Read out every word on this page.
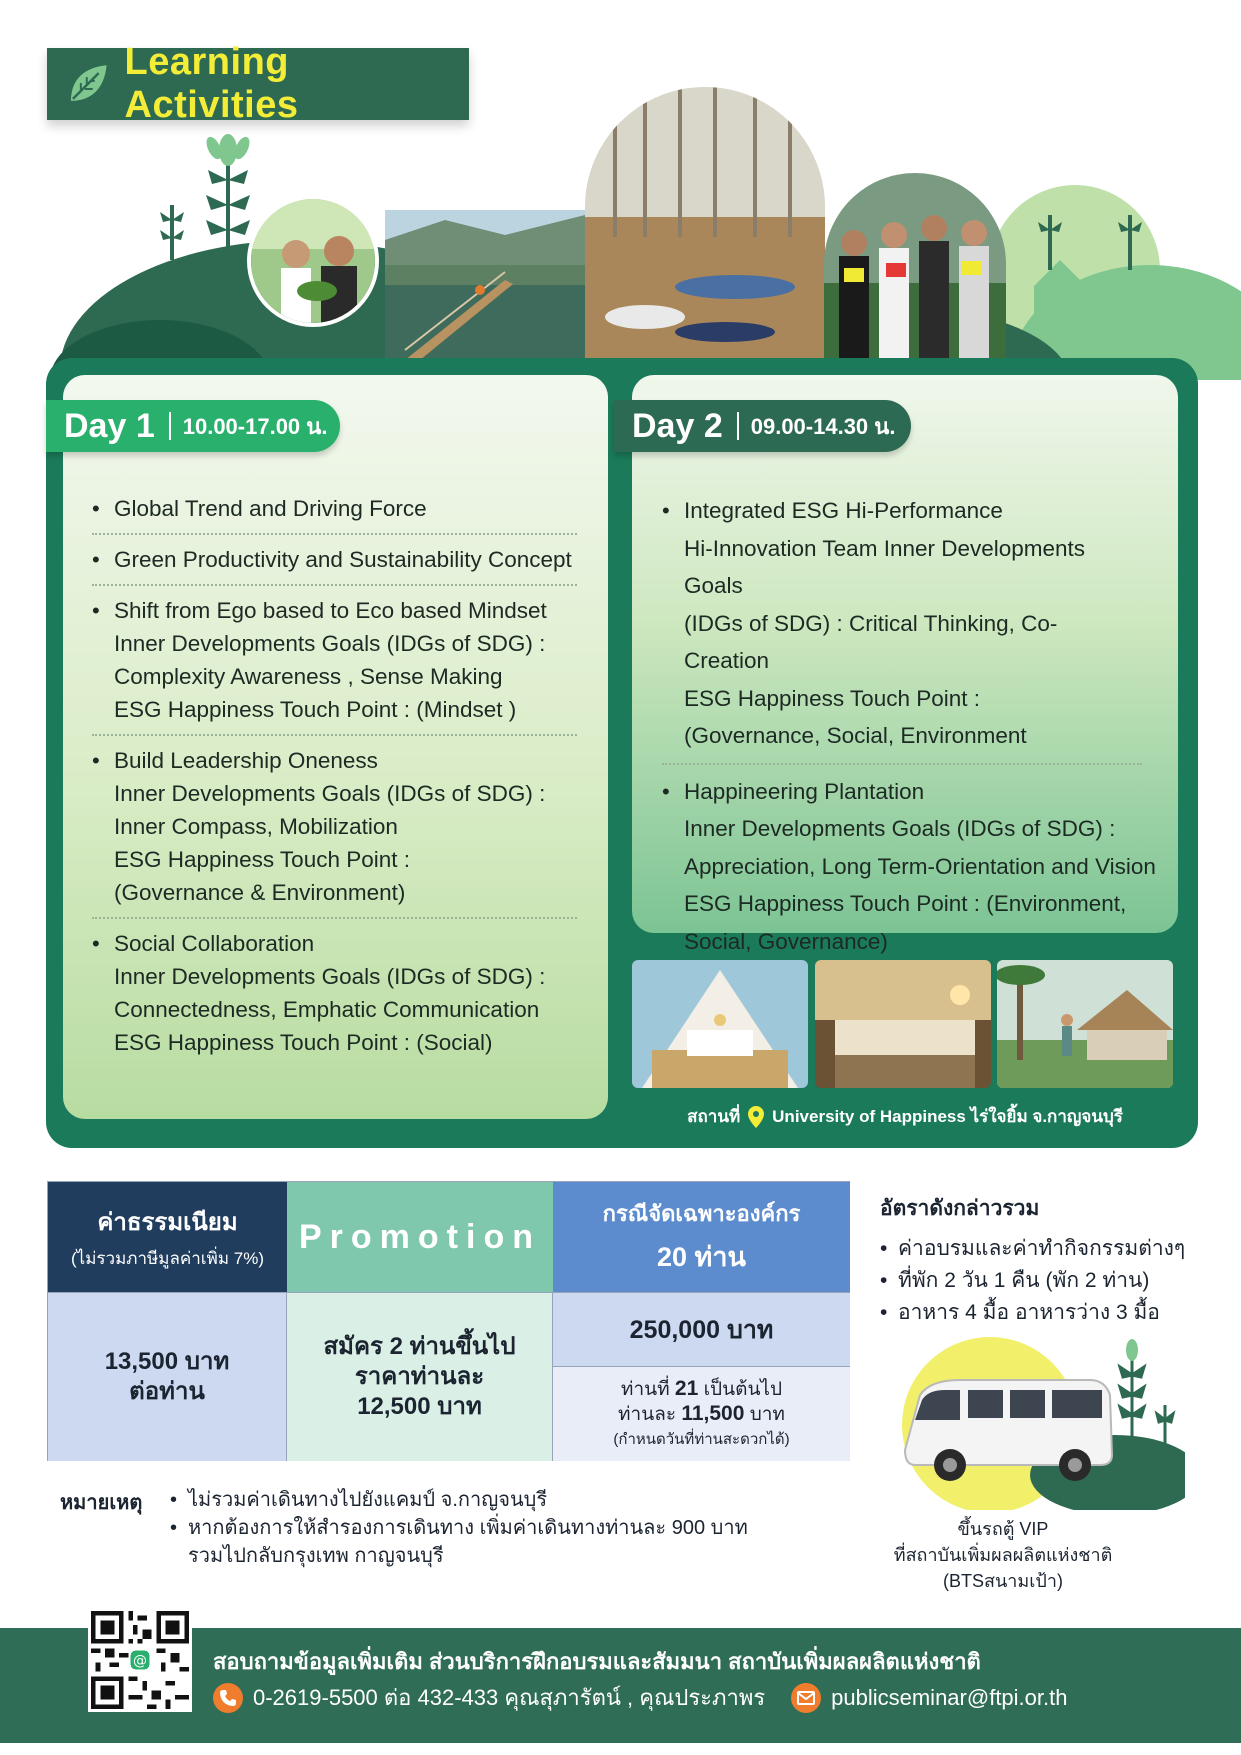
Learning Activities
Day 1 10.00-17.00 น.	Day 2 09.00-14.30 น.
• Global Trend and Driving Force
• Green Productivity and Sustainability Concept
• Shift from Ego based to Eco based Mindset
Inner Developments Goals (IDGs of SDG) :
Complexity Awareness , Sense Making
ESG Happiness Touch Point : (Mindset )
• Build Leadership Oneness
Inner Developments Goals (IDGs of SDG) :
Inner Compass, Mobilization
ESG Happiness Touch Point :
(Governance & Environment)
• Social Collaboration
Inner Developments Goals (IDGs of SDG) :
Connectedness, Emphatic Communication
ESG Happiness Touch Point : (Social)
• Integrated ESG Hi-Performance
Hi-Innovation Team Inner Developments Goals
(IDGs of SDG) : Critical Thinking, Co-Creation
ESG Happiness Touch Point :
(Governance, Social, Environment
• Happineering Plantation
Inner Developments Goals (IDGs of SDG) :
Appreciation, Long Term-Orientation and Vision
ESG Happiness Touch Point : (Environment,
Social, Governance)
สถานที่ University of Happiness ไร่ใจยิ้ม จ.กาญจนบุรี
ค่าธรรมเนียม
(ไม่รวมภาษีมูลค่าเพิ่ม 7%)
Promotion
กรณีจัดเฉพาะองค์กร
20 ท่าน
13,500 บาท
ต่อท่าน
สมัคร 2 ท่านขึ้นไป
ราคาท่านละ
12,500 บาท
250,000 บาท
ท่านที่ 21 เป็นต้นไป
ท่านละ 11,500 บาท
(กำหนดวันที่ท่านสะดวกได้)
อัตราดังกล่าวรวม
• ค่าอบรมและค่าทำกิจกรรมต่างๆ
• ที่พัก 2 วัน 1 คืน (พัก 2 ท่าน)
• อาหาร 4 มื้อ อาหารว่าง 3 มื้อ
ขึ้นรถตู้ VIP
ที่สถาบันเพิ่มผลผลิตแห่งชาติ
(BTSสนามเป้า)
หมายเหตุ
•	ไม่รวมค่าเดินทางไปยังแคมป์ จ.กาญจนบุรี
• หากต้องการให้สำรองการเดินทาง เพิ่มค่าเดินทางท่านละ 900 บาท
รวมไปกลับกรุงเทพ กาญจนบุรี
@	สอบถามข้อมูลเพิ่มเติม ส่วนบริการฝึกอบรมและสัมมนา สถาบันเพิ่มผลผลิตแห่งชาติ
0-2619-5500 ต่อ 432-433 คุณสุภารัตน์ , คุณประภาพร	publicseminar@ftpi.or.th
